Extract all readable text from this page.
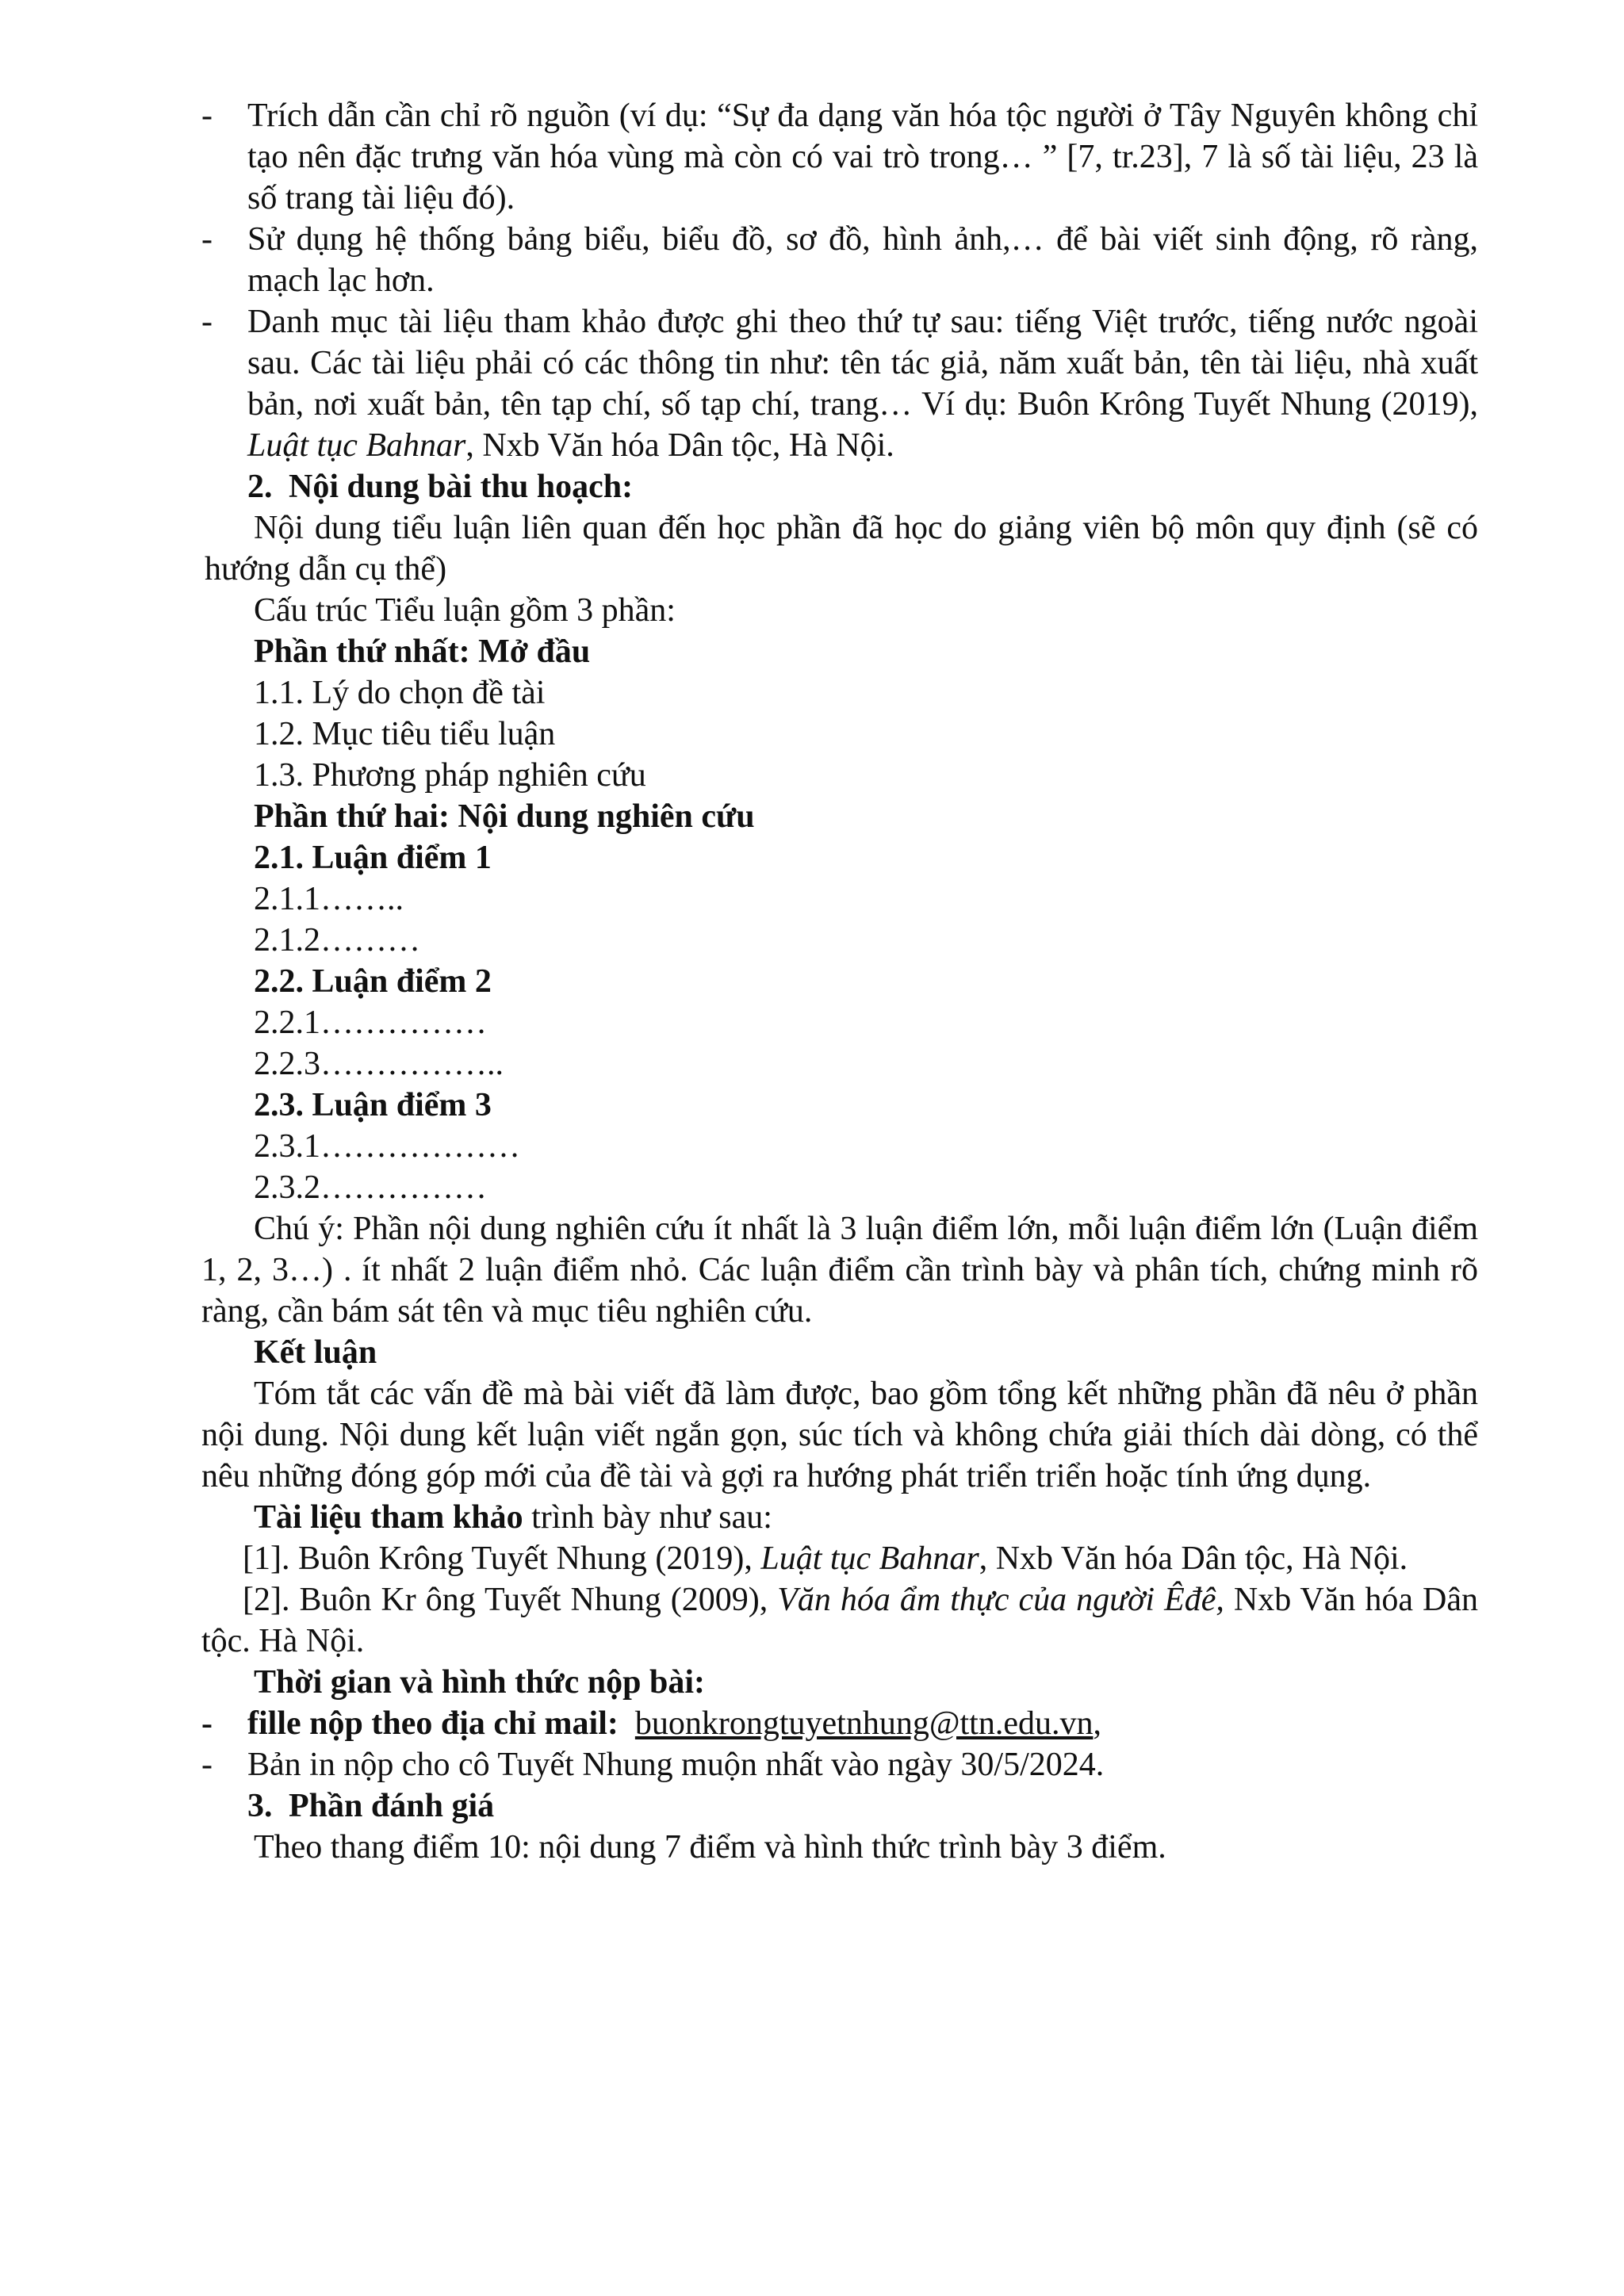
- Trích dẫn cần chỉ rõ nguồn (ví dụ: “Sự đa dạng văn hóa tộc người ở Tây Nguyên không chỉ tạo nên đặc trưng văn hóa vùng mà còn có vai trò trong… ” [7, tr.23], 7 là số tài liệu, 23 là số trang tài liệu đó).
- Sử dụng hệ thống bảng biểu, biểu đồ, sơ đồ, hình ảnh,… để bài viết sinh động, rõ ràng, mạch lạc hơn.
- Danh mục tài liệu tham khảo được ghi theo thứ tự sau: tiếng Việt trước, tiếng nước ngoài sau. Các tài liệu phải có các thông tin như: tên tác giả, năm xuất bản, tên tài liệu, nhà xuất bản, nơi xuất bản, tên tạp chí, số tạp chí, trang… Ví dụ: Buôn Krông Tuyết Nhung (2019), Luật tục Bahnar, Nxb Văn hóa Dân tộc, Hà Nội.
2. Nội dung bài thu hoạch:
Nội dung tiểu luận liên quan đến học phần đã học do giảng viên bộ môn quy định (sẽ có hướng dẫn cụ thể)
Cấu trúc Tiểu luận gồm 3 phần:
Phần thứ nhất: Mở đầu
1.1. Lý do chọn đề tài
1.2. Mục tiêu tiểu luận
1.3. Phương pháp nghiên cứu
Phần thứ hai: Nội dung nghiên cứu
2.1. Luận điểm 1
2.1.1……..
2.1.2………
2.2. Luận điểm 2
2.2.1……………
2.2.3……………..
2.3. Luận điểm 3
2.3.1………………
2.3.2……………
Chú ý: Phần nội dung nghiên cứu ít nhất là 3 luận điểm lớn, mỗi luận điểm lớn (Luận điểm 1, 2, 3…) . ít nhất 2 luận điểm nhỏ. Các luận điểm cần trình bày và phân tích, chứng minh rõ ràng, cần bám sát tên và mục tiêu nghiên cứu.
Kết luận
Tóm tắt các vấn đề mà bài viết đã làm được, bao gồm tổng kết những phần đã nêu ở phần nội dung. Nội dung kết luận viết ngắn gọn, súc tích và không chứa giải thích dài dòng, có thể nêu những đóng góp mới của đề tài và gợi ra hướng phát triển triển hoặc tính ứng dụng.
Tài liệu tham khảo trình bày như sau:
[1]. Buôn Krông Tuyết Nhung (2019), Luật tục Bahnar, Nxb Văn hóa Dân tộc, Hà Nội.
[2]. Buôn Kr ông Tuyết Nhung (2009), Văn hóa ẩm thực của người Êđê, Nxb Văn hóa Dân tộc. Hà Nội.
Thời gian và hình thức nộp bài:
- fille nộp theo địa chỉ mail: buonkrongtuyetnhung@ttn.edu.vn,
- Bản in nộp cho cô Tuyết Nhung muộn nhất vào ngày 30/5/2024.
3. Phần đánh giá
Theo thang điểm 10: nội dung 7 điểm và hình thức trình bày 3 điểm.
